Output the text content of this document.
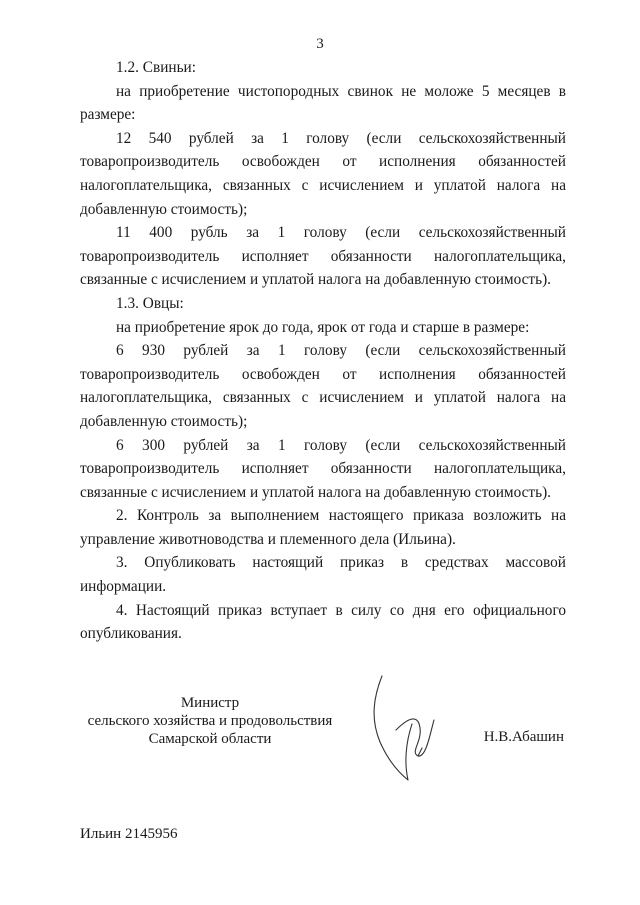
3

1.2. Свиньи:

на приобретение чистопородных свинок не моложе 5 месяцев в размере:

12 540 рублей за 1 голову (если сельскохозяйственный товаропроизводитель освобожден от исполнения обязанностей налогоплательщика, связанных с исчислением и уплатой налога на добавленную стоимость);

11 400 рубль за 1 голову (если сельскохозяйственный товаропроизводитель исполняет обязанности налогоплательщика, связанные с исчислением и уплатой налога на добавленную стоимость).

1.3. Овцы:

на приобретение ярок до года, ярок от года и старше в размере:

6 930 рублей за 1 голову (если сельскохозяйственный товаропроизводитель освобожден от исполнения обязанностей налогоплательщика, связанных с исчислением и уплатой налога на добавленную стоимость);

6 300 рублей за 1 голову (если сельскохозяйственный товаропроизводитель исполняет обязанности налогоплательщика, связанные с исчислением и уплатой налога на добавленную стоимость).

2. Контроль за выполнением настоящего приказа возложить на управление животноводства и племенного дела (Ильина).

3. Опубликовать настоящий приказ в средствах массовой информации.

4. Настоящий приказ вступает в силу со дня его официального опубликования.

Министр
сельского хозяйства и продовольствия
Самарской области	Н.В.Абашин
Ильин 2145956
